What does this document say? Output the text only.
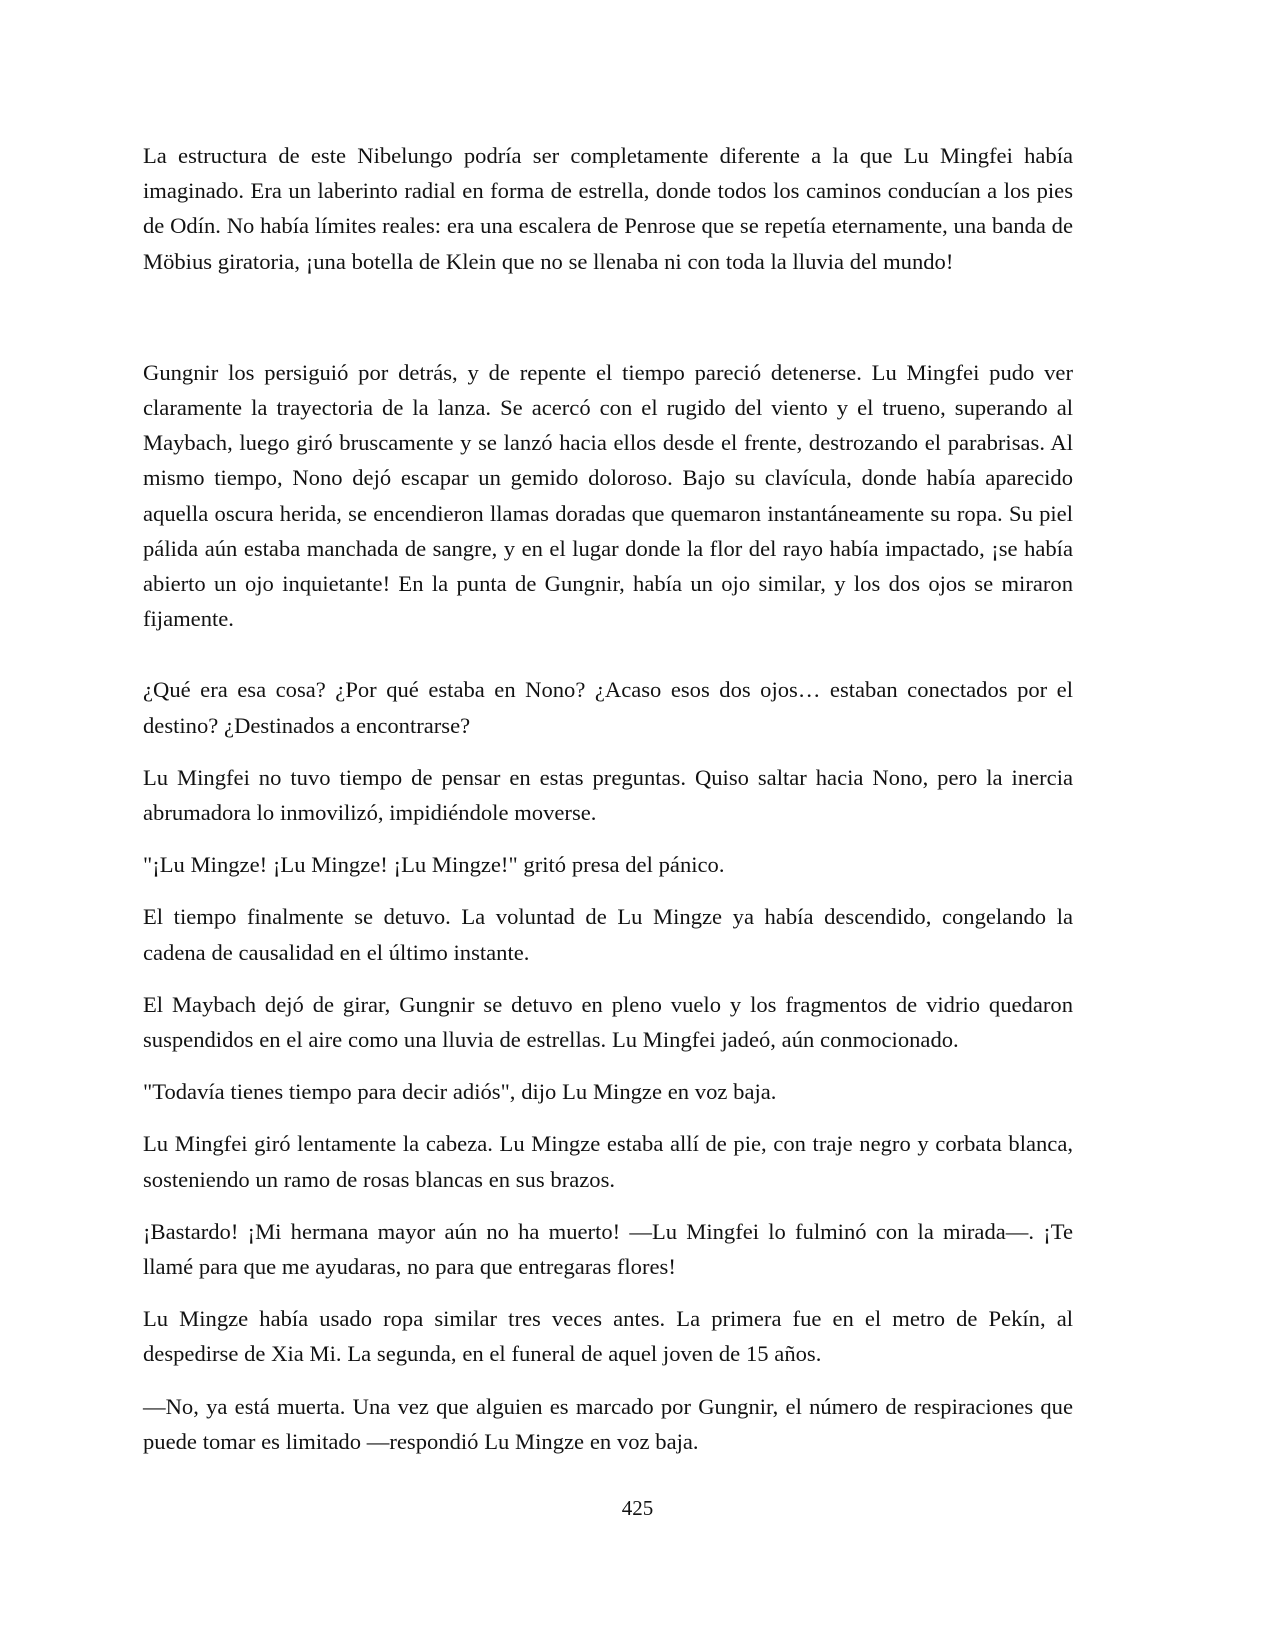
La estructura de este Nibelungo podría ser completamente diferente a la que Lu Mingfei había imaginado. Era un laberinto radial en forma de estrella, donde todos los caminos conducían a los pies de Odín. No había límites reales: era una escalera de Penrose que se repetía eternamente, una banda de Möbius giratoria, ¡una botella de Klein que no se llenaba ni con toda la lluvia del mundo!

Gungnir los persiguió por detrás, y de repente el tiempo pareció detenerse. Lu Mingfei pudo ver claramente la trayectoria de la lanza. Se acercó con el rugido del viento y el trueno, superando al Maybach, luego giró bruscamente y se lanzó hacia ellos desde el frente, destrozando el parabrisas. Al mismo tiempo, Nono dejó escapar un gemido doloroso. Bajo su clavícula, donde había aparecido aquella oscura herida, se encendieron llamas doradas que quemaron instantáneamente su ropa. Su piel pálida aún estaba manchada de sangre, y en el lugar donde la flor del rayo había impactado, ¡se había abierto un ojo inquietante! En la punta de Gungnir, había un ojo similar, y los dos ojos se miraron fijamente.

¿Qué era esa cosa? ¿Por qué estaba en Nono? ¿Acaso esos dos ojos… estaban conectados por el destino? ¿Destinados a encontrarse?

Lu Mingfei no tuvo tiempo de pensar en estas preguntas. Quiso saltar hacia Nono, pero la inercia abrumadora lo inmovilizó, impidiéndole moverse.

"¡Lu Mingze! ¡Lu Mingze! ¡Lu Mingze!" gritó presa del pánico.

El tiempo finalmente se detuvo. La voluntad de Lu Mingze ya había descendido, congelando la cadena de causalidad en el último instante.

El Maybach dejó de girar, Gungnir se detuvo en pleno vuelo y los fragmentos de vidrio quedaron suspendidos en el aire como una lluvia de estrellas. Lu Mingfei jadeó, aún conmocionado.

"Todavía tienes tiempo para decir adiós", dijo Lu Mingze en voz baja.

Lu Mingfei giró lentamente la cabeza. Lu Mingze estaba allí de pie, con traje negro y corbata blanca, sosteniendo un ramo de rosas blancas en sus brazos.

¡Bastardo! ¡Mi hermana mayor aún no ha muerto! —Lu Mingfei lo fulminó con la mirada—. ¡Te llamé para que me ayudaras, no para que entregaras flores!

Lu Mingze había usado ropa similar tres veces antes. La primera fue en el metro de Pekín, al despedirse de Xia Mi. La segunda, en el funeral de aquel joven de 15 años.

—No, ya está muerta. Una vez que alguien es marcado por Gungnir, el número de respiraciones que puede tomar es limitado —respondió Lu Mingze en voz baja.

425
